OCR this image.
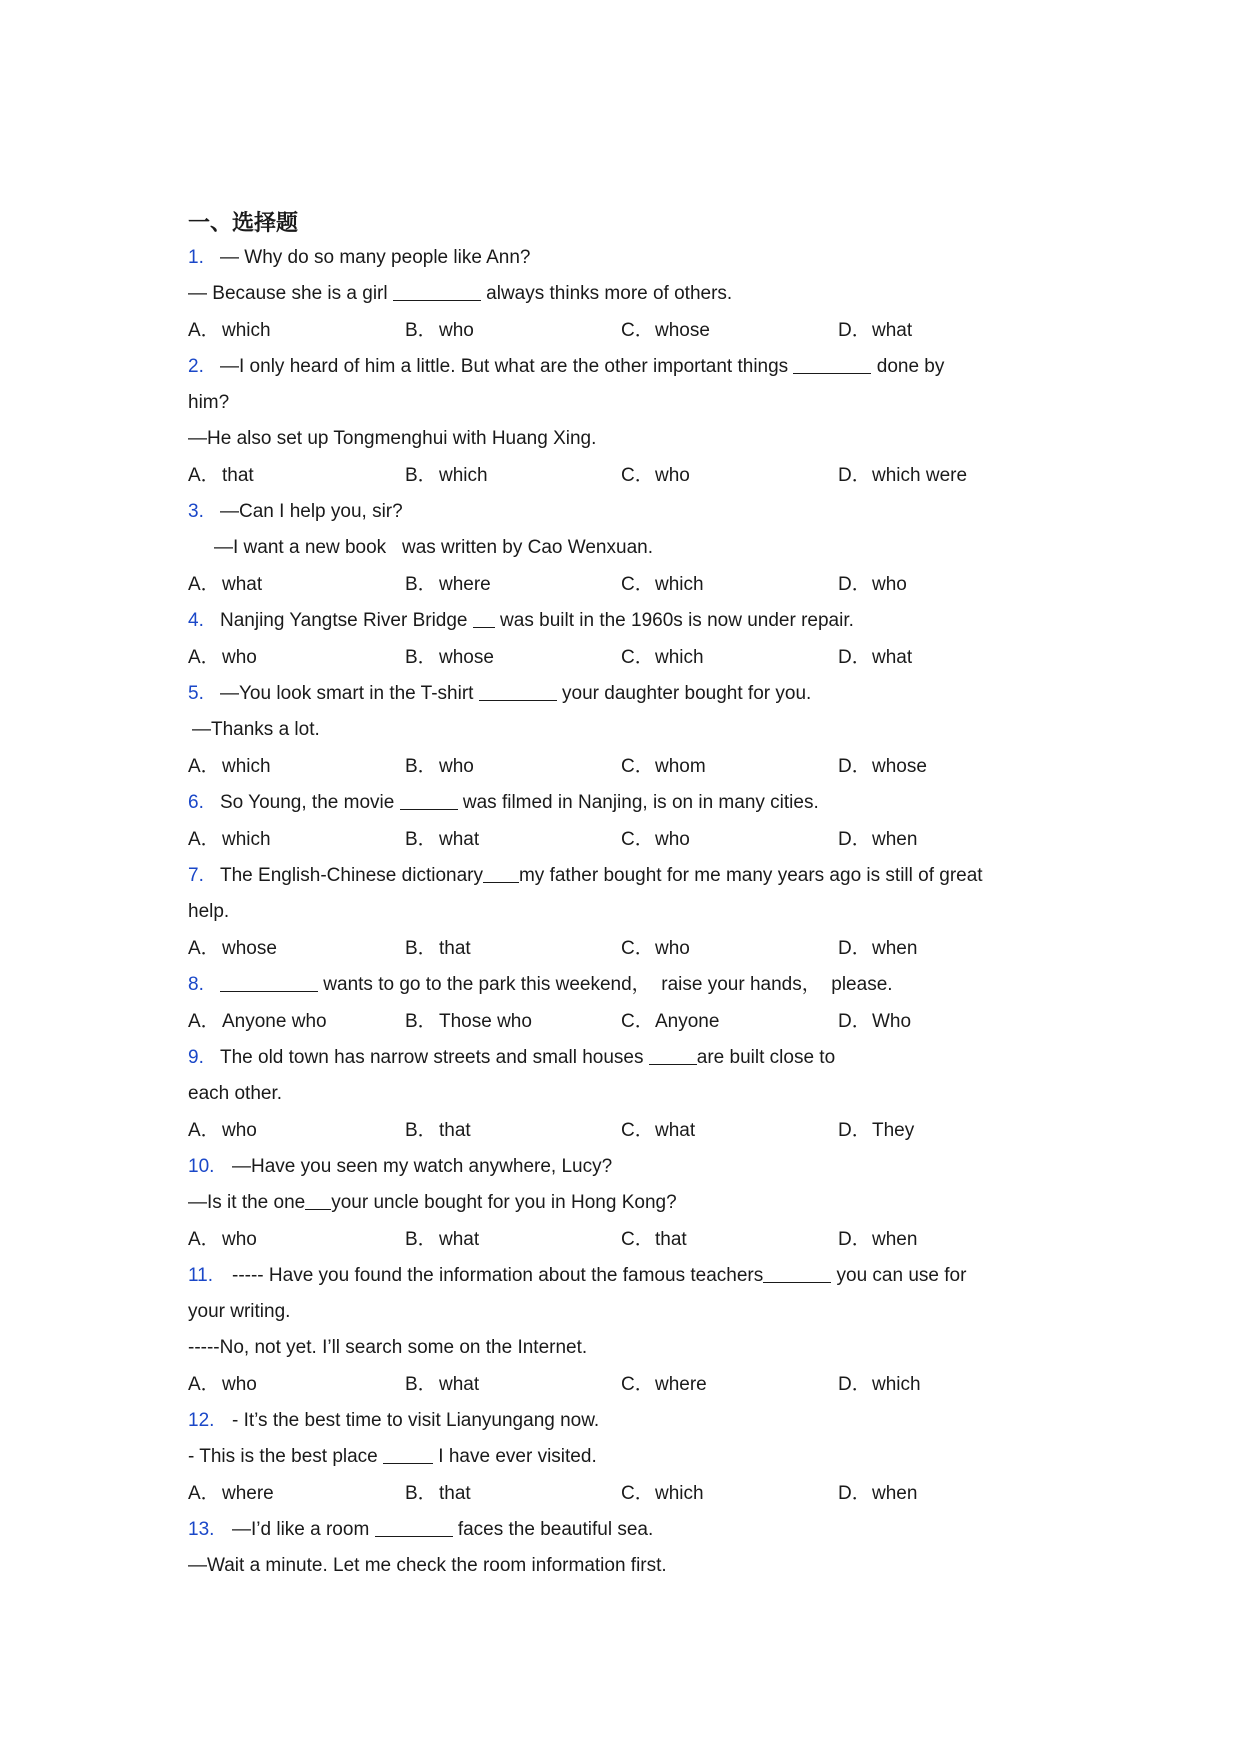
一、选择题
1. — Why do so many people like Ann?
— Because she is a girl	always thinks more of others.
A． which	B． who	C．whose	D．what
2. —I only heard of him a little. But what are the other important things	done by
him?
—He also set up Tongmenghui with Huang Xing.
A． that	B． which	C．who	D．which were
3. —Can I help you, sir?
—I want a new book   was written by Cao Wenxuan.
A． what	B． where	C．which	D．who
4. Nanjing Yangtse River Bridge  was built in the 1960s is now under repair.
A． who	B． whose	C．which	D．what
5. —You look smart in the T-shirt	your daughter bought for you.
—Thanks a lot.
A． which	B． who	C．whom	D．whose
6. So Young, the movie	was filmed in Nanjing, is on in many cities.
A． which	B． what	C．who	D．when
7. The English-Chinese dictionary my father bought for me many years ago is still of great
help.
A． whose	B． that	C．who	D．when
8.	wants to go to the park this weekend，  raise your hands，  please.
A． Anyone who	B． Those who	C．Anyone	D．Who
9. The old town has narrow streets and small houses	are built close to
each other.
A． who	B． that	C．what	D．They
10. —Have you seen my watch anywhere, Lucy?
—Is it the one your uncle bought for you in Hong Kong?
A． who	B． what	C．that	D．when
11. ----- Have you found the information about the famous teachers	you can use for
your writing.
-----No, not yet. I’ll search some on the Internet.
A． who	B． what	C．where	D．which
12. - It’s the best time to visit Lianyungang now.
- This is the best place	I have ever visited.
A． where	B． that	C．which	D．when
13. —I’d like a room	faces the beautiful sea.
—Wait a minute. Let me check the room information first.
